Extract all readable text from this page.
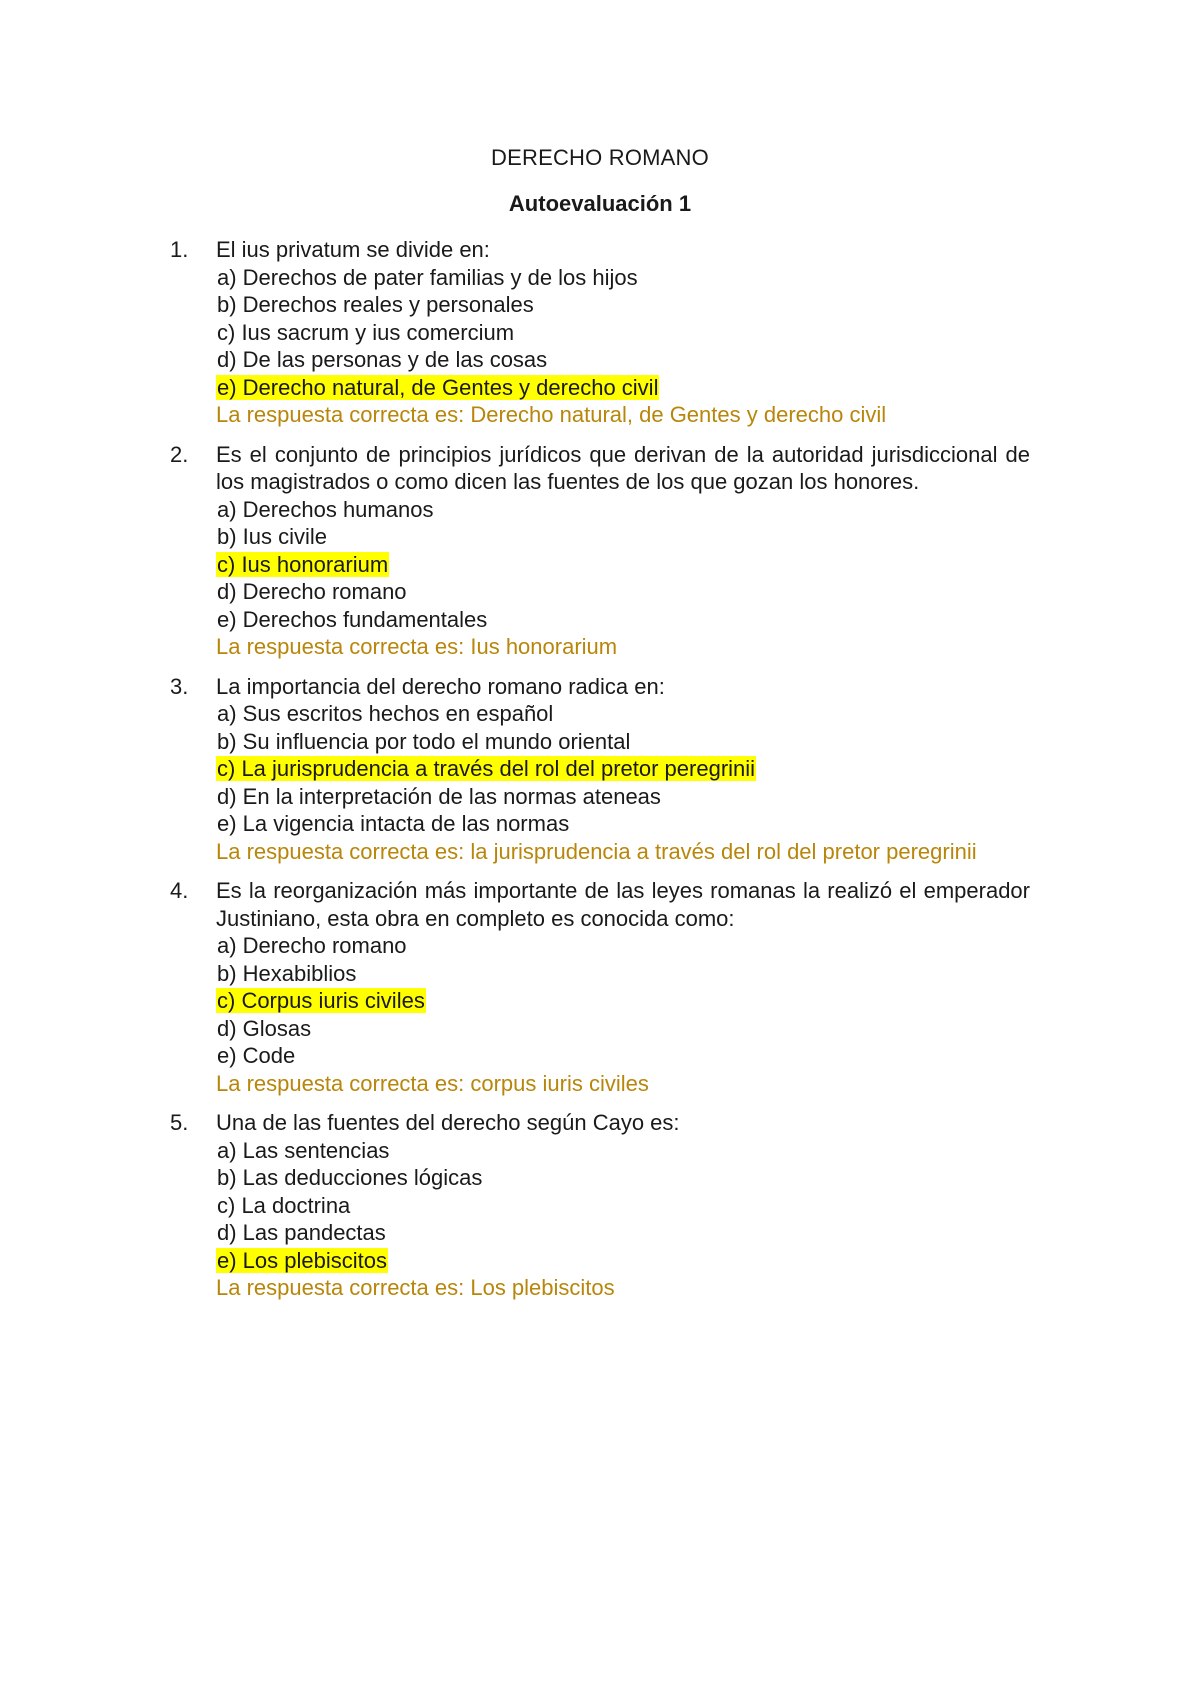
DERECHO ROMANO
Autoevaluación 1
1. El ius privatum se divide en:
a) Derechos de pater familias y de los hijos
b) Derechos reales y personales
c) Ius sacrum y ius comercium
d) De las personas y de las cosas
e) Derecho natural, de Gentes y derecho civil
La respuesta correcta es: Derecho natural, de Gentes y derecho civil
2. Es el conjunto de principios jurídicos que derivan de la autoridad jurisdiccional de los magistrados o como dicen las fuentes de los que gozan los honores.
a) Derechos humanos
b) Ius civile
c) Ius honorarium
d) Derecho romano
e) Derechos fundamentales
La respuesta correcta es: Ius honorarium
3. La importancia del derecho romano radica en:
a) Sus escritos hechos en español
b) Su influencia por todo el mundo oriental
c) La jurisprudencia a través del rol del pretor peregrinii
d) En la interpretación de las normas ateneas
e) La vigencia intacta de las normas
La respuesta correcta es: la jurisprudencia a través del rol del pretor peregrinii
4. Es la reorganización más importante de las leyes romanas la realizó el emperador Justiniano, esta obra en completo es conocida como:
a) Derecho romano
b) Hexabiblios
c) Corpus iuris civiles
d) Glosas
e) Code
La respuesta correcta es: corpus iuris civiles
5. Una de las fuentes del derecho según Cayo es:
a) Las sentencias
b) Las deducciones lógicas
c) La doctrina
d) Las pandectas
e) Los plebiscitos
La respuesta correcta es: Los plebiscitos
